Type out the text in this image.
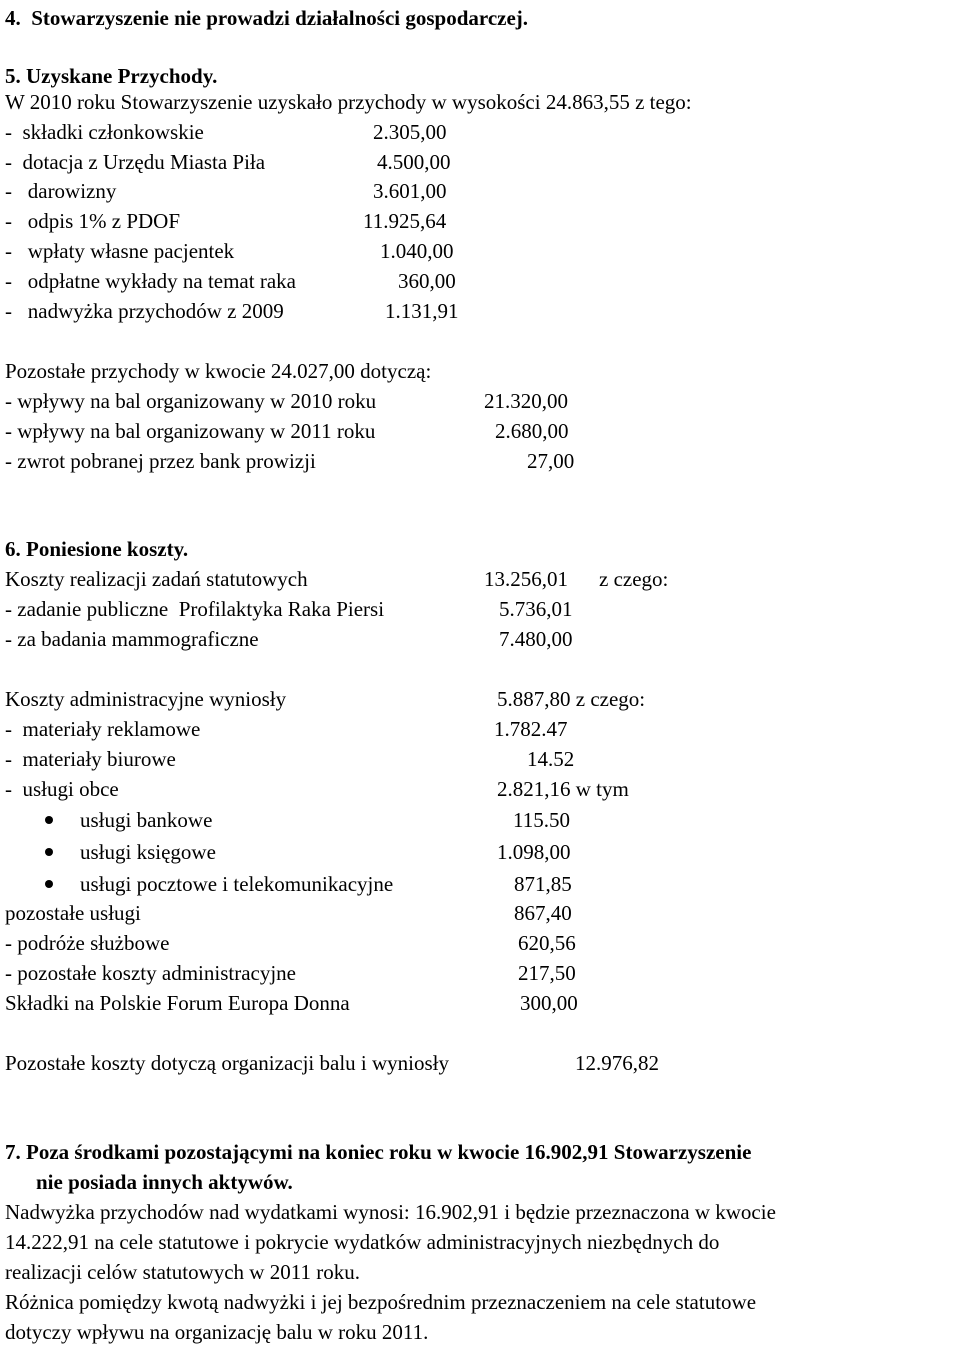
4.  Stowarzyszenie nie prowadzi działalności gospodarczej.
5. Uzyskane Przychody.
W 2010 roku Stowarzyszenie uzyskało przychody w wysokości 24.863,55 z tego:
-  składki członkowskie	2.305,00
-  dotacja z Urzędu Miasta Piła	4.500,00
-   darowizny	3.601,00
-   odpis 1% z PDOF	11.925,64
-   wpłaty własne pacjentek	1.040,00
-   odpłatne wykłady na temat raka	360,00
-   nadwyżka przychodów z 2009	1.131,91
Pozostałe przychody w kwocie 24.027,00 dotyczą:
- wpływy na bal organizowany w 2010 roku	21.320,00
- wpływy na bal organizowany w 2011 roku	2.680,00
- zwrot pobranej przez bank prowizji	27,00
6. Poniesione koszty.
Koszty realizacji zadań statutowych	13.256,01 z czego:
- zadanie publiczne  Profilaktyka Raka Piersi	5.736,01
- za badania mammograficzne	7.480,00
Koszty administracyjne wyniosły	5.887,80 z czego:
-  materiały reklamowe	1.782.47
-  materiały biurowe	14.52
-  usługi obce	2.821,16 w tym
usługi bankowe	115.50
usługi księgowe	1.098,00
usługi pocztowe i telekomunikacyjne	871,85
pozostałe usługi	867,40
- podróże służbowe	620,56
- pozostałe koszty administracyjne	217,50
Składki na Polskie Forum Europa Donna	300,00
Pozostałe koszty dotyczą organizacji balu i wyniosły	12.976,82
7. Poza środkami pozostającymi na koniec roku w kwocie 16.902,91 Stowarzyszenie
nie posiada innych aktywów.
Nadwyżka przychodów nad wydatkami wynosi: 16.902,91 i będzie przeznaczona w kwocie
14.222,91 na cele statutowe i pokrycie wydatków administracyjnych niezbędnych do
realizacji celów statutowych w 2011 roku.
Różnica pomiędzy kwotą nadwyżki i jej bezpośrednim przeznaczeniem na cele statutowe
dotyczy wpływu na organizację balu w roku 2011.
